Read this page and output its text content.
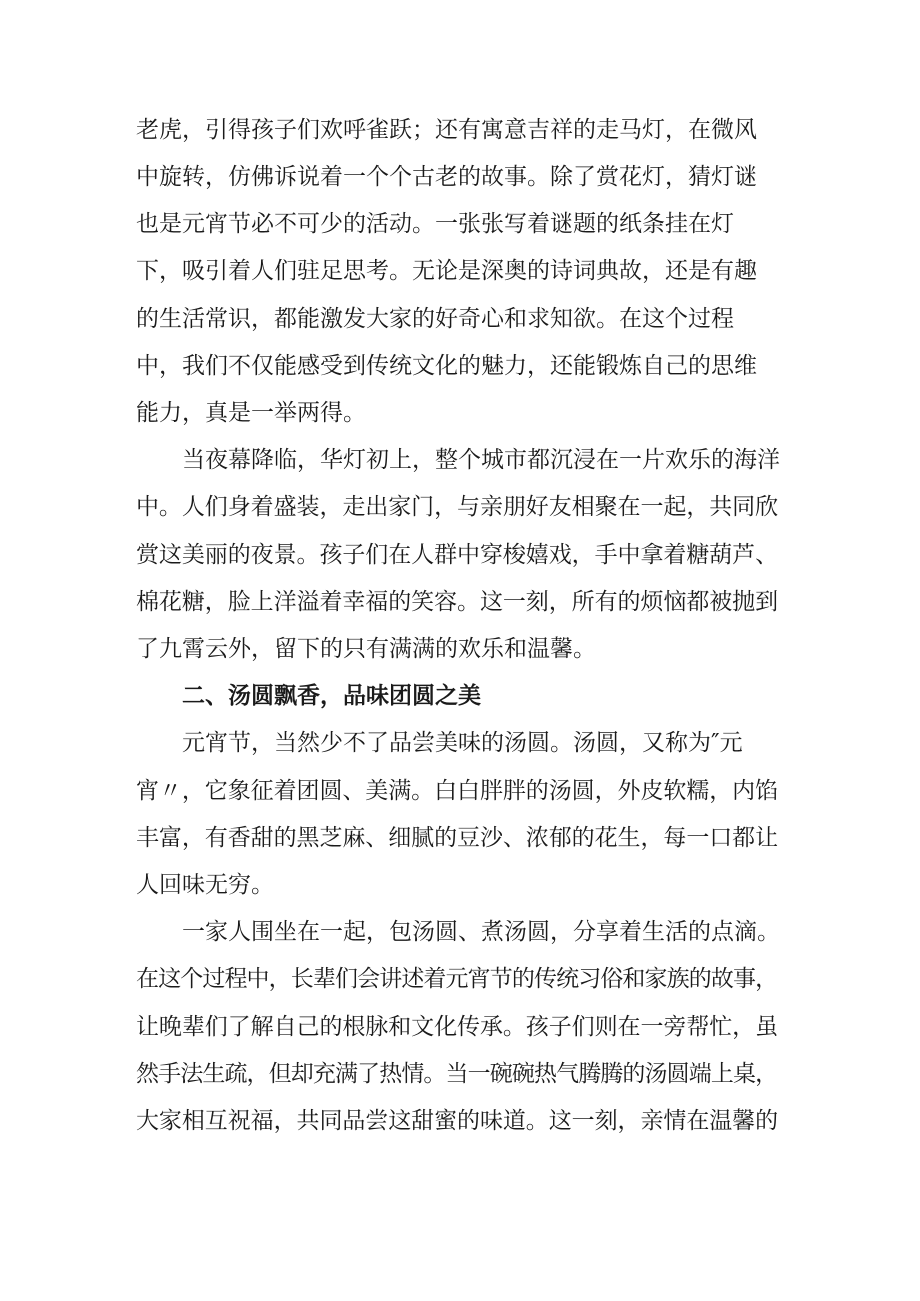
老虎，引得孩子们欢呼雀跃；还有寓意吉祥的走马灯，在微风
中旋转，仿佛诉说着一个个古老的故事。除了赏花灯，猜灯谜
也是元宵节必不可少的活动。一张张写着谜题的纸条挂在灯
下，吸引着人们驻足思考。无论是深奥的诗词典故，还是有趣
的生活常识，都能激发大家的好奇心和求知欲。在这个过程
中，我们不仅能感受到传统文化的魅力，还能锻炼自己的思维
能力，真是一举两得。
当夜幕降临，华灯初上，整个城市都沉浸在一片欢乐的海洋
中。人们身着盛装，走出家门，与亲朋好友相聚在一起，共同欣
赏这美丽的夜景。孩子们在人群中穿梭嬉戏，手中拿着糖葫芦、
棉花糖，脸上洋溢着幸福的笑容。这一刻，所有的烦恼都被抛到
了九霄云外，留下的只有满满的欢乐和温馨。
二、汤圆飘香，品味团圆之美
元宵节，当然少不了品尝美味的汤圆。汤圆，又称为″元
宵〃，它象征着团圆、美满。白白胖胖的汤圆，外皮软糯，内馅
丰富，有香甜的黑芝麻、细腻的豆沙、浓郁的花生，每一口都让
人回味无穷。
一家人围坐在一起，包汤圆、煮汤圆，分享着生活的点滴。
在这个过程中，长辈们会讲述着元宵节的传统习俗和家族的故事，
让晚辈们了解自己的根脉和文化传承。孩子们则在一旁帮忙，虽
然手法生疏，但却充满了热情。当一碗碗热气腾腾的汤圆端上桌，
大家相互祝福，共同品尝这甜蜜的味道。这一刻，亲情在温馨的
